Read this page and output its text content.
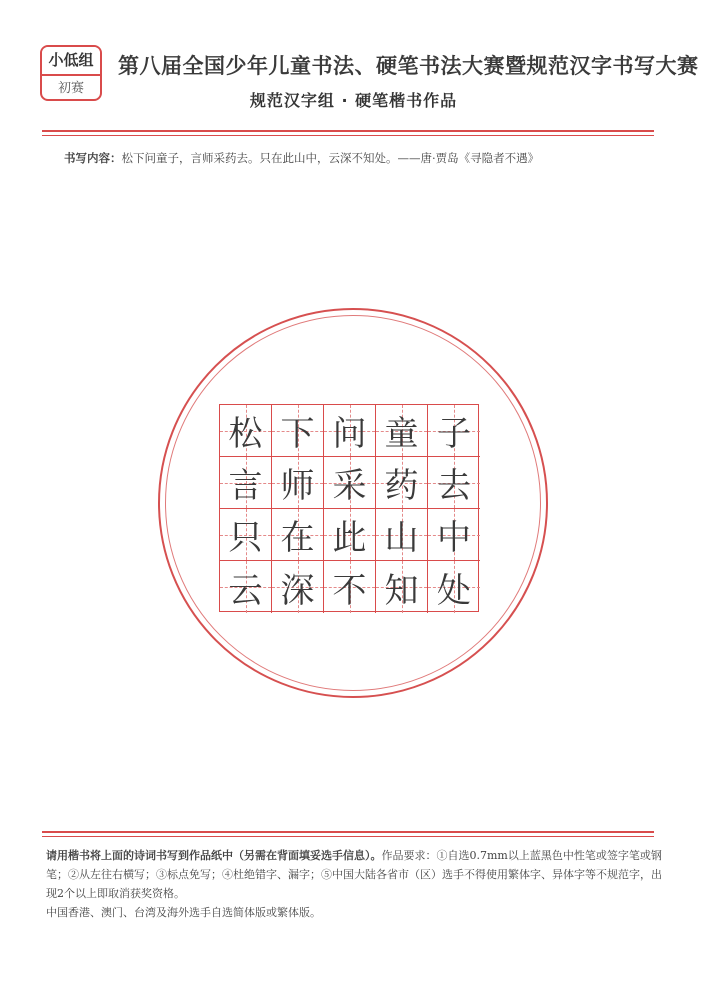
小低组
初赛
第八届全国少年儿童书法、硬笔书法大赛暨规范汉字书写大赛
规范汉字组 · 硬笔楷书作品
书写内容：松下问童子，言师采药去。只在此山中，云深不知处。——唐·贾岛《寻隐者不遇》
松 下 问 童 子
言 师 采 药 去
只 在 此 山 中
云 深 不 知 处
请用楷书将上面的诗词书写到作品纸中（另需在背面填妥选手信息）。作品要求：①自选0.7mm以上蓝黑色中性笔或签字笔或钢笔；②从左往右横写；③标点免写；④杜绝错字、漏字；⑤中国大陆各省市（区）选手不得使用繁体字、异体字等不规范字，出现2个以上即取消获奖资格。
中国香港、澳门、台湾及海外选手自选简体版或繁体版。
